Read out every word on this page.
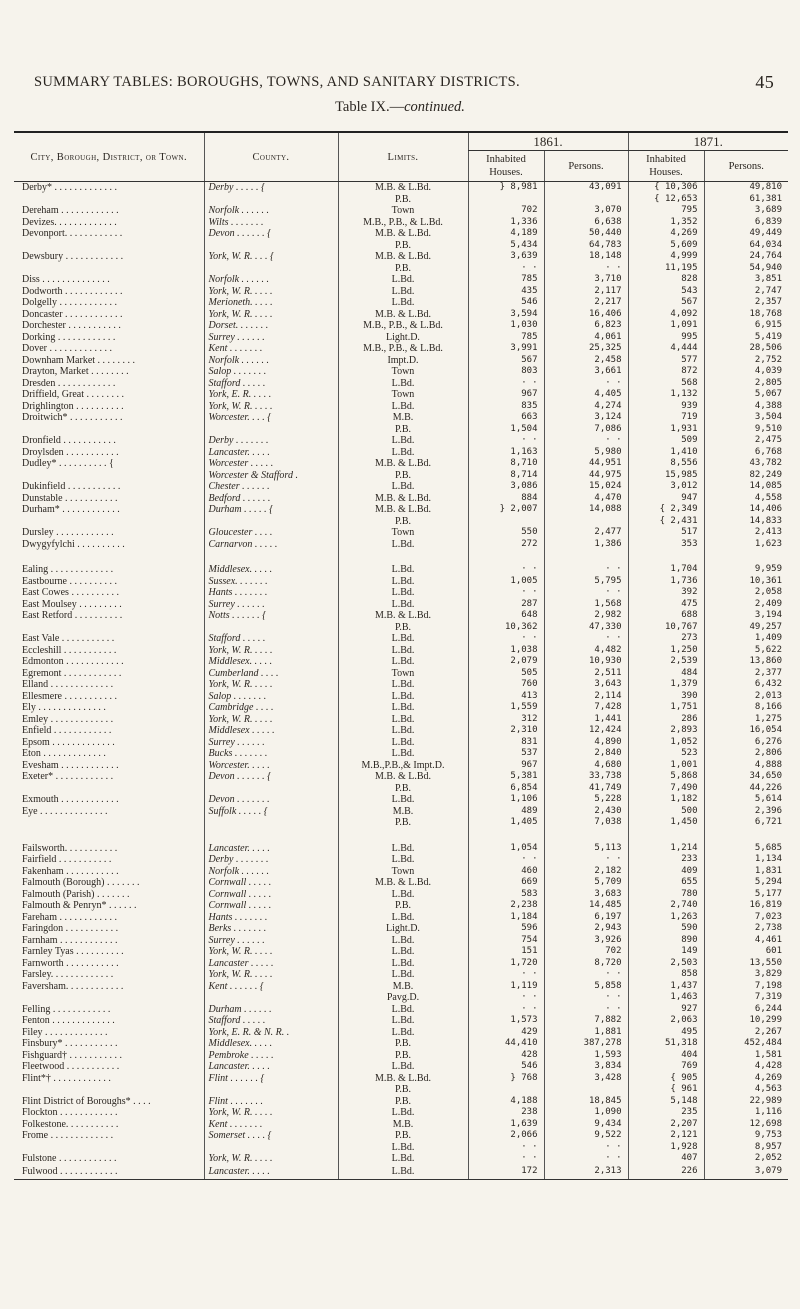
SUMMARY TABLES: BOROUGHS, TOWNS, AND SANITARY DISTRICTS.	45
Table IX.—continued.
City, Borough, District, or Town.	County.	Limits.	1861.		1871.	
			Inhabited Houses.	Persons.	Inhabited Houses.	Persons.
Derby* . . . . . . . . . . . . .	Derby . . . . . {	M.B. & L.Bd.	} 8,981	43,091	{ 10,306	49,810
		P.B.			{ 12,653	61,381
Dereham . . . . . . . . . . . .	Norfolk . . . . . .	Town	702	3,070	795	3,689
Devizes. . . . . . . . . . . . .	Wilts . . . . . . .	M.B., P.B., & L.Bd.	1,336	6,638	1,352	6,839
Devonport. . . . . . . . . . . .	Devon . . . . . . {	M.B. & L.Bd.	4,189	50,440	4,269	49,449
		P.B.	5,434	64,783	5,609	64,034
Dewsbury . . . . . . . . . . . .	York, W. R. . . . {	M.B. & L.Bd.	3,639	18,148	4,999	24,764
		P.B.	· ·	· ·	11,195	54,940
Diss . . . . . . . . . . . . . .	Norfolk . . . . . .	L.Bd.	785	3,710	828	3,851
Dodworth . . . . . . . . . . . .	York, W. R. . . . .	L.Bd.	435	2,117	543	2,747
Dolgelly . . . . . . . . . . . .	Merioneth. . . . .	L.Bd.	546	2,217	567	2,357
Doncaster . . . . . . . . . . . .	York, W. R. . . . .	M.B. & L.Bd.	3,594	16,406	4,092	18,768
Dorchester . . . . . . . . . . .	Dorset. . . . . . .	M.B., P.B., & L.Bd.	1,030	6,823	1,091	6,915
Dorking . . . . . . . . . . . .	Surrey . . . . . .	Light.D.	785	4,061	995	5,419
Dover . . . . . . . . . . . . .	Kent . . . . . . .	M.B., P.B., & L.Bd.	3,991	25,325	4,444	28,506
Downham Market . . . . . . . .	Norfolk . . . . . .	Impt.D.	567	2,458	577	2,752
Drayton, Market . . . . . . . .	Salop . . . . . . .	Town	803	3,661	872	4,039
Dresden . . . . . . . . . . . .	Stafford . . . . .	L.Bd.	· ·	· ·	568	2,805
Driffield, Great . . . . . . . .	York, E. R. . . . .	Town	967	4,405	1,132	5,067
Drighlington . . . . . . . . . .	York, W. R. . . . .	L.Bd.	835	4,274	939	4,388
Droitwich* . . . . . . . . . . .	Worcester. . . . {	M.B.	663	3,124	719	3,504
		P.B.	1,504	7,086	1,931	9,510
Dronfield . . . . . . . . . . .	Derby . . . . . . .	L.Bd.	· ·	· ·	509	2,475
Droylsden . . . . . . . . . . .	Lancaster. . . . .	L.Bd.	1,163	5,980	1,410	6,768
Dudley* . . . . . . . . . . {	Worcester . . . . .	M.B. & L.Bd.	8,710	44,951	8,556	43,782
	Worcester & Stafford .	P.B.	8,714	44,975	15,985	82,249
Dukinfield . . . . . . . . . . .	Chester . . . . . .	L.Bd.	3,086	15,024	3,012	14,085
Dunstable . . . . . . . . . . .	Bedford . . . . . .	M.B. & L.Bd.	884	4,470	947	4,558
Durham* . . . . . . . . . . . .	Durham . . . . . {	M.B. & L.Bd.	} 2,007	14,088	{ 2,349	14,406
		P.B.			{ 2,431	14,833
Dursley . . . . . . . . . . . .	Gloucester . . . .	Town	550	2,477	517	2,413
Dwygyfylchi . . . . . . . . . .	Carnarvon . . . . .	L.Bd.	272	1,386	353	1,623

Ealing . . . . . . . . . . . . .	Middlesex. . . . .	L.Bd.	· ·	· ·	1,704	9,959
Eastbourne . . . . . . . . . .	Sussex. . . . . . .	L.Bd.	1,005	5,795	1,736	10,361
East Cowes . . . . . . . . . .	Hants . . . . . . .	L.Bd.	· ·	· ·	392	2,058
East Moulsey . . . . . . . . .	Surrey . . . . . .	L.Bd.	287	1,568	475	2,409
East Retford . . . . . . . . . .	Notts . . . . . . {	M.B. & L.Bd.	648	2,982	688	3,194
		P.B.	10,362	47,330	10,767	49,257
East Vale . . . . . . . . . . .	Stafford . . . . .	L.Bd.	· ·	· ·	273	1,409
Eccleshill . . . . . . . . . . .	York, W. R. . . . .	L.Bd.	1,038	4,482	1,250	5,622
Edmonton . . . . . . . . . . . .	Middlesex. . . . .	L.Bd.	2,079	10,930	2,539	13,860
Egremont . . . . . . . . . . . .	Cumberland . . . .	Town	505	2,511	484	2,377
Elland . . . . . . . . . . . . .	York, W. R. . . . .	L.Bd.	760	3,643	1,379	6,432
Ellesmere . . . . . . . . . . .	Salop . . . . . . .	L.Bd.	413	2,114	390	2,013
Ely . . . . . . . . . . . . . .	Cambridge . . . .	L.Bd.	1,559	7,428	1,751	8,166
Emley . . . . . . . . . . . . .	York, W. R. . . . .	L.Bd.	312	1,441	286	1,275
Enfield . . . . . . . . . . . .	Middlesex . . . . .	L.Bd.	2,310	12,424	2,893	16,054
Epsom . . . . . . . . . . . . .	Surrey . . . . . .	L.Bd.	831	4,890	1,052	6,276
Eton . . . . . . . . . . . . .	Bucks . . . . . . .	L.Bd.	537	2,840	523	2,806
Evesham . . . . . . . . . . . .	Worcester. . . . .	M.B.,P.B.,& Impt.D.	967	4,680	1,001	4,888
Exeter* . . . . . . . . . . . .	Devon . . . . . . {	M.B. & L.Bd.	5,381	33,738	5,868	34,650
		P.B.	6,854	41,749	7,490	44,226
Exmouth . . . . . . . . . . . .	Devon . . . . . . .	L.Bd.	1,106	5,228	1,182	5,614
Eye . . . . . . . . . . . . . .	Suffolk . . . . . {	M.B.	489	2,430	500	2,396
		P.B.	1,405	7,038	1,450	6,721

Failsworth. . . . . . . . . . .	Lancaster. . . . .	L.Bd.	1,054	5,113	1,214	5,685
Fairfield . . . . . . . . . . .	Derby . . . . . . .	L.Bd.	· ·	· ·	233	1,134
Fakenham . . . . . . . . . . .	Norfolk . . . . . .	Town	460	2,182	409	1,831
Falmouth (Borough) . . . . . . .	Cornwall . . . . .	M.B. & L.Bd.	669	5,709	655	5,294
Falmouth (Parish) . . . . . . .	Cornwall . . . . .	L.Bd.	583	3,683	780	5,177
Falmouth & Penryn* . . . . . .	Cornwall . . . . .	P.B.	2,238	14,485	2,740	16,819
Fareham . . . . . . . . . . . .	Hants . . . . . . .	L.Bd.	1,184	6,197	1,263	7,023
Faringdon . . . . . . . . . . .	Berks . . . . . . .	Light.D.	596	2,943	590	2,738
Farnham . . . . . . . . . . . .	Surrey . . . . . .	L.Bd.	754	3,926	890	4,461
Farnley Tyas . . . . . . . . . .	York, W. R. . . . .	L.Bd.	151	702	149	601
Farnworth . . . . . . . . . . .	Lancaster . . . . .	L.Bd.	1,720	8,720	2,503	13,550
Farsley. . . . . . . . . . . . .	York, W. R. . . . .	L.Bd.	· ·	· ·	858	3,829
Faversham. . . . . . . . . . . .	Kent . . . . . . {	M.B.	1,119	5,858	1,437	7,198
		Pavg.D.	· ·	· ·	1,463	7,319
Felling . . . . . . . . . . . .	Durham . . . . . .	L.Bd.	· ·	· ·	927	6,244
Fenton . . . . . . . . . . . . .	Stafford . . . . .	L.Bd.	1,573	7,882	2,063	10,299
Filey . . . . . . . . . . . . .	York, E. R. & N. R. .	L.Bd.	429	1,881	495	2,267
Finsbury* . . . . . . . . . . .	Middlesex. . . . .	P.B.	44,410	387,278	51,318	452,484
Fishguard† . . . . . . . . . . .	Pembroke . . . . .	P.B.	428	1,593	404	1,581
Fleetwood . . . . . . . . . . .	Lancaster. . . . .	L.Bd.	546	3,834	769	4,428
Flint*† . . . . . . . . . . . .	Flint . . . . . . {	M.B. & L.Bd.	} 768	3,428	{ 905	4,269
		P.B.			{ 961	4,563
Flint District of Boroughs* . . . .	Flint . . . . . . .	P.B.	4,188	18,845	5,148	22,989
Flockton . . . . . . . . . . . .	York, W. R. . . . .	L.Bd.	238	1,090	235	1,116
Folkestone. . . . . . . . . . .	Kent . . . . . . .	M.B.	1,639	9,434	2,207	12,698
Frome . . . . . . . . . . . . .	Somerset . . . . {	P.B.	2,066	9,522	2,121	9,753
		L.Bd.	· ·	· ·	1,928	8,957
Fulstone . . . . . . . . . . . .	York, W. R. . . . .	L.Bd.	· ·	· ·	407	2,052
Fulwood . . . . . . . . . . . .	Lancaster. . . . .	L.Bd.	172	2,313	226	3,079
